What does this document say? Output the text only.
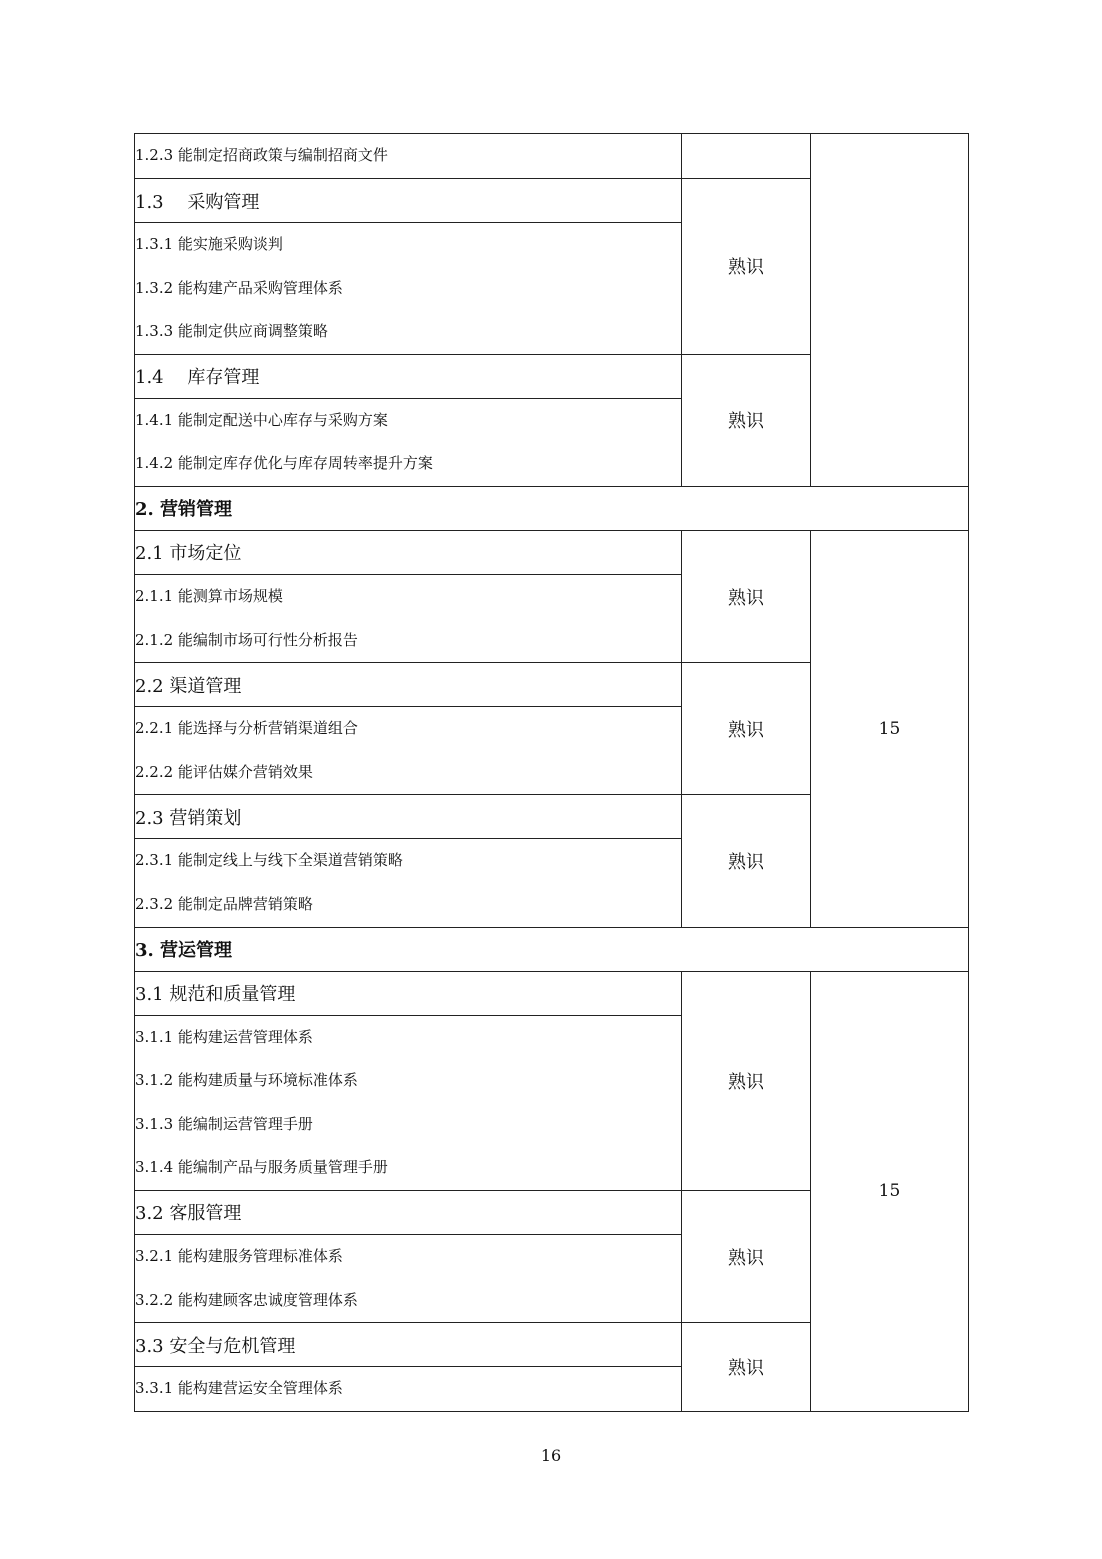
1.2.3 能制定招商政策与编制招商文件		

1.3　 采购管理	熟识	

1.3.1 能实施采购谈判
1.3.2 能构建产品采购管理体系
1.3.3 能制定供应商调整策略		

1.4　 库存管理	熟识	

1.4.1 能制定配送中心库存与采购方案
1.4.2 能制定库存优化与库存周转率提升方案		

2. 营销管理		
2.1 市场定位	熟识	15

2.1.1 能测算市场规模
2.1.2 能编制市场可行性分析报告		

2.2 渠道管理	熟识	

2.2.1 能选择与分析营销渠道组合
2.2.2 能评估媒介营销效果		

2.3 营销策划	熟识	

2.3.1 能制定线上与线下全渠道营销策略
2.3.2 能制定品牌营销策略		

3. 营运管理		
3.1 规范和质量管理	熟识	15

3.1.1 能构建运营管理体系
3.1.2 能构建质量与环境标准体系
3.1.3 能编制运营管理手册
3.1.4 能编制产品与服务质量管理手册		

3.2 客服管理	熟识	

3.2.1 能构建服务管理标准体系
3.2.2 能构建顾客忠诚度管理体系		

3.3 安全与危机管理	熟识	

3.3.1 能构建营运安全管理体系		
16
